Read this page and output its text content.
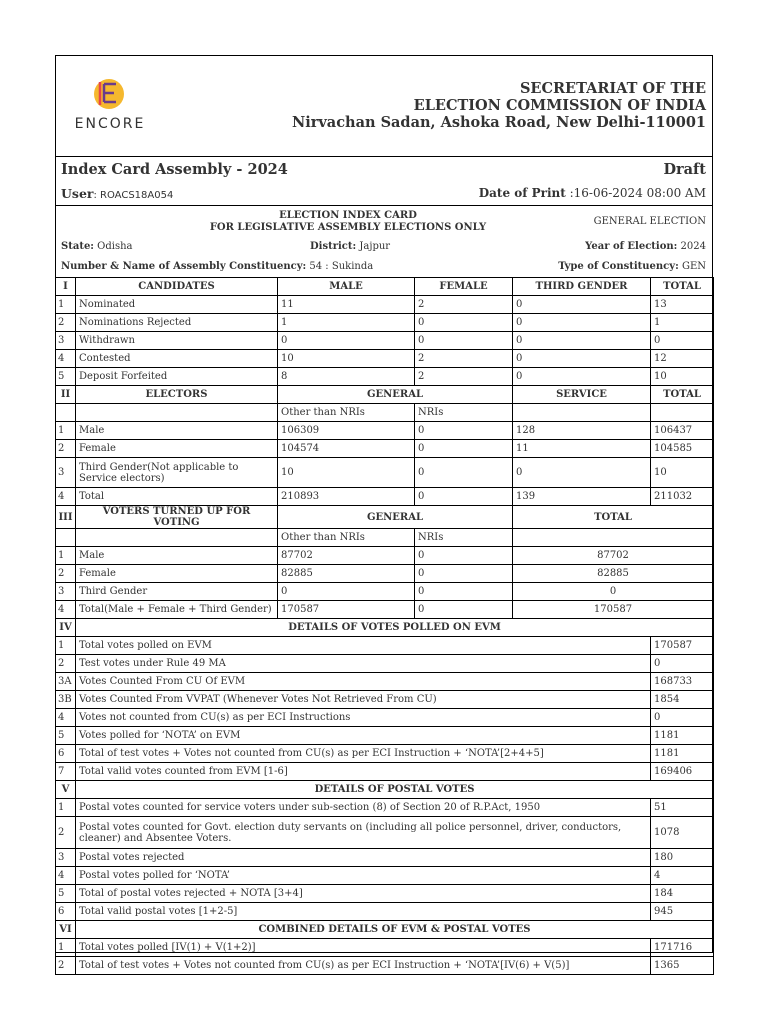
ENCORE
SECRETARIAT OF THE
ELECTION COMMISSION OF INDIA
Nirvachan Sadan, Ashoka Road, New Delhi-110001
Index Card Assembly - 2024	Draft
User: ROACS18A054	Date of Print :16-06-2024 08:00 AM
ELECTION INDEX CARD
FOR LEGISLATIVE ASSEMBLY ELECTIONS ONLY
GENERAL ELECTION
State: Odisha	District: Jajpur	Year of Election: 2024
Number & Name of Assembly Constituency: 54 : Sukinda	Type of Constituency: GEN
I	CANDIDATES	MALE	FEMALE	THIRD GENDER	TOTAL
1	Nominated	11	2	0	13
2	Nominations Rejected	1	0	0	1
3	Withdrawn	0	0	0	0
4	Contested	10	2	0	12
5	Deposit Forfeited	8	2	0	10
II	ELECTORS	GENERAL		SERVICE	TOTAL
		Other than NRIs	NRIs		
1	Male	106309	0	128	106437
2	Female	104574	0	11	104585
3	Third Gender(Not applicable to Service electors)	10	0	0	10
4	Total	210893	0	139	211032
III	VOTERS TURNED UP FOR VOTING	GENERAL		TOTAL	
		Other than NRIs	NRIs		
1	Male	87702	0	87702	
2	Female	82885	0	82885	
3	Third Gender	0	0	0	
4	Total(Male + Female + Third Gender)	170587	0	170587	
IV	DETAILS OF VOTES POLLED ON EVM				
1	Total votes polled on EVM				170587
2	Test votes under Rule 49 MA				0
3A	Votes Counted From CU Of EVM				168733
3B	Votes Counted From VVPAT (Whenever Votes Not Retrieved From CU)				1854
4	Votes not counted from CU(s) as per ECI Instructions				0
5	Votes polled for ‘NOTA’ on EVM				1181
6	Total of test votes + Votes not counted from CU(s) as per ECI Instruction + ‘NOTA’[2+4+5]				1181
7	Total valid votes counted from EVM [1-6]				169406
V	DETAILS OF POSTAL VOTES				
1	Postal votes counted for service voters under sub-section (8) of Section 20 of R.P.Act, 1950				51
2	Postal votes counted for Govt. election duty servants on (including all police personnel, driver, conductors, cleaner) and Absentee Voters.				1078
3	Postal votes rejected				180
4	Postal votes polled for ‘NOTA’				4
5	Total of postal votes rejected + NOTA [3+4]				184
6	Total valid postal votes [1+2-5]				945
VI	COMBINED DETAILS OF EVM & POSTAL VOTES				
1	Total votes polled [IV(1) + V(1+2)]				171716
2	Total of test votes + Votes not counted from CU(s) as per ECI Instruction + ‘NOTA’[IV(6) + V(5)]				1365
